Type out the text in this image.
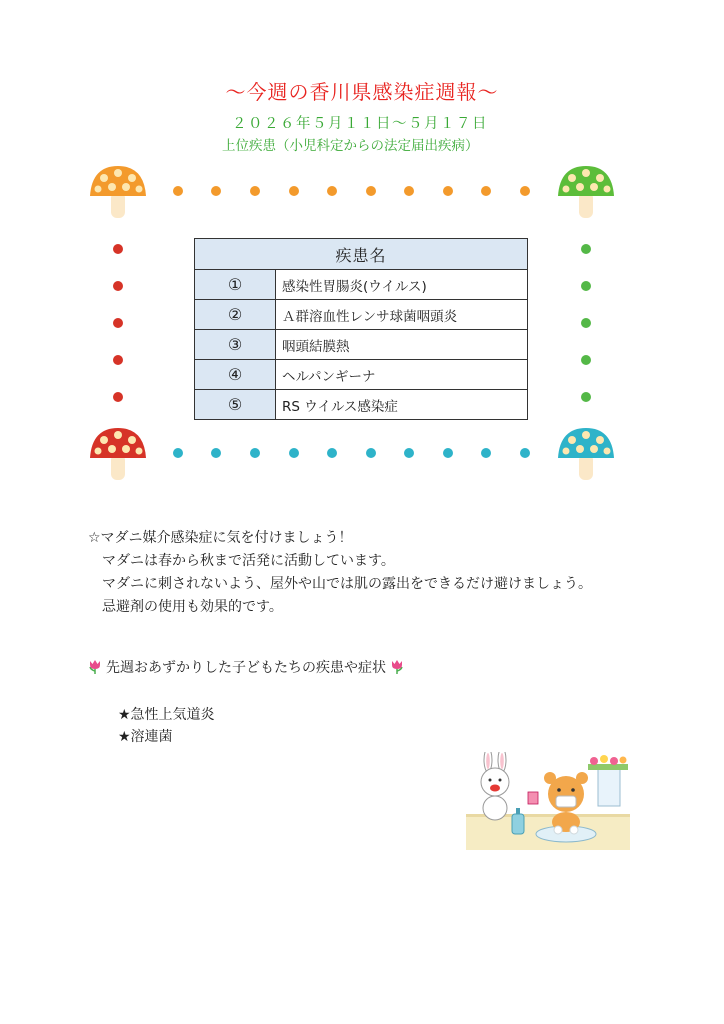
〜今週の香川県感染症週報〜
２０２６年５月１１日〜５月１７日
上位疾患（小児科定からの法定届出疾病）
疾患名	
①	感染性胃腸炎(ウイルス)
②	Ａ群溶血性レンサ球菌咽頭炎
③	咽頭結膜熱
④	ヘルパンギーナ
⑤	RS ウイルス感染症
☆マダニ媒介感染症に気を付けましょう！
マダニは春から秋まで活発に活動しています。
マダニに刺されないよう、屋外や山では肌の露出をできるだけ避けましょう。
忌避剤の使用も効果的です。
先週おあずかりした子どもたちの疾患や症状
★急性上気道炎
★溶連菌
